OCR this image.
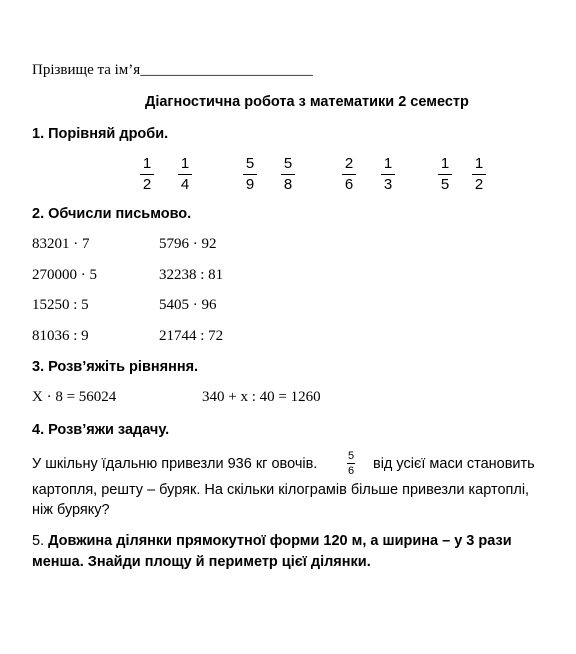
Прізвище та ім’я_______________________
Діагностична робота з математики 2 семестр
1. Порівняй дроби.
1
2
1
4
5
9
5
8
2
6
1
3
1
5
1
2
2. Обчисли письмово.
83201 · 7	5796 · 92
270000 · 5	32238 : 81
15250 : 5	5405 · 96
81036 : 9	21744 : 72
3. Розв’яжіть рівняння.
Х · 8 = 56024	340 + х : 40 = 1260
4. Розв’яжи задачу.
У шкільну їдальню привезли 936 кг овочів.	5
6 від усієї маси становить
картопля, решту – буряк. На скільки кілограмів більше привезли картоплі,
ніж буряку?
5. Довжина ділянки прямокутної форми 120 м, а ширина – у 3 рази
менша. Знайди площу й периметр цієї ділянки.
